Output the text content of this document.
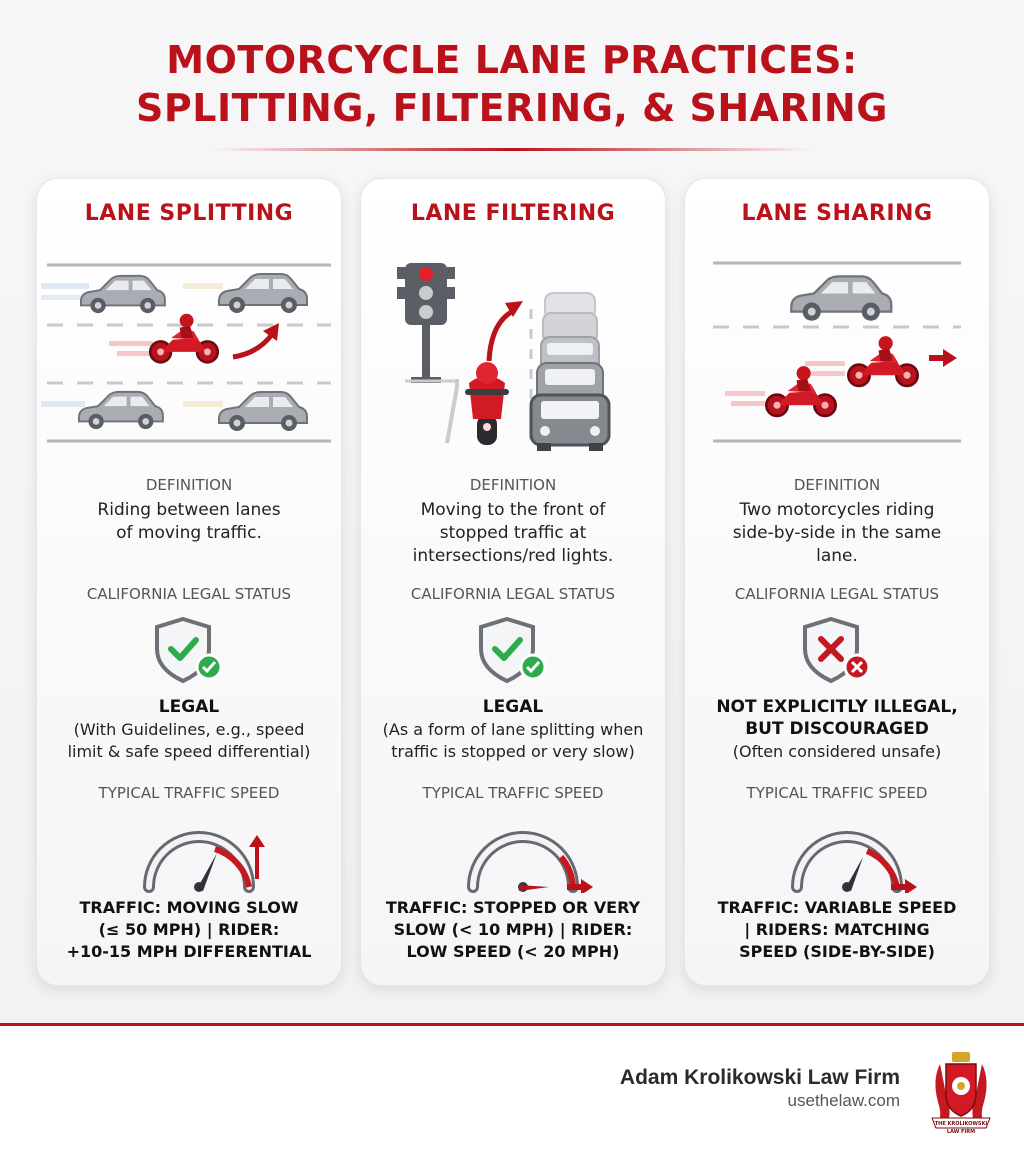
MOTORCYCLE LANE PRACTICES:
SPLITTING, FILTERING, & SHARING
LANE SPLITTING
DEFINITION
Riding between lanes
of moving traffic.
CALIFORNIA LEGAL STATUS
LEGAL
(With Guidelines, e.g., speed
limit & safe speed differential)
TYPICAL TRAFFIC SPEED
TRAFFIC: MOVING SLOW
(≤ 50 MPH) | RIDER:
+10-15 MPH DIFFERENTIAL
LANE FILTERING
DEFINITION
Moving to the front of
stopped traffic at
intersections/red lights.
CALIFORNIA LEGAL STATUS
LEGAL
(As a form of lane splitting when
traffic is stopped or very slow)
TYPICAL TRAFFIC SPEED
TRAFFIC: STOPPED OR VERY
SLOW (< 10 MPH) | RIDER:
LOW SPEED (< 20 MPH)
LANE SHARING
DEFINITION
Two motorcycles riding
side-by-side in the same
lane.
CALIFORNIA LEGAL STATUS
NOT EXPLICITLY ILLEGAL,
BUT DISCOURAGED
(Often considered unsafe)
TYPICAL TRAFFIC SPEED
TRAFFIC: VARIABLE SPEED
| RIDERS: MATCHING
SPEED (SIDE-BY-SIDE)
Adam Krolikowski Law Firm
usethelaw.com
THE KROLIKOWSKI
LAW FIRM
